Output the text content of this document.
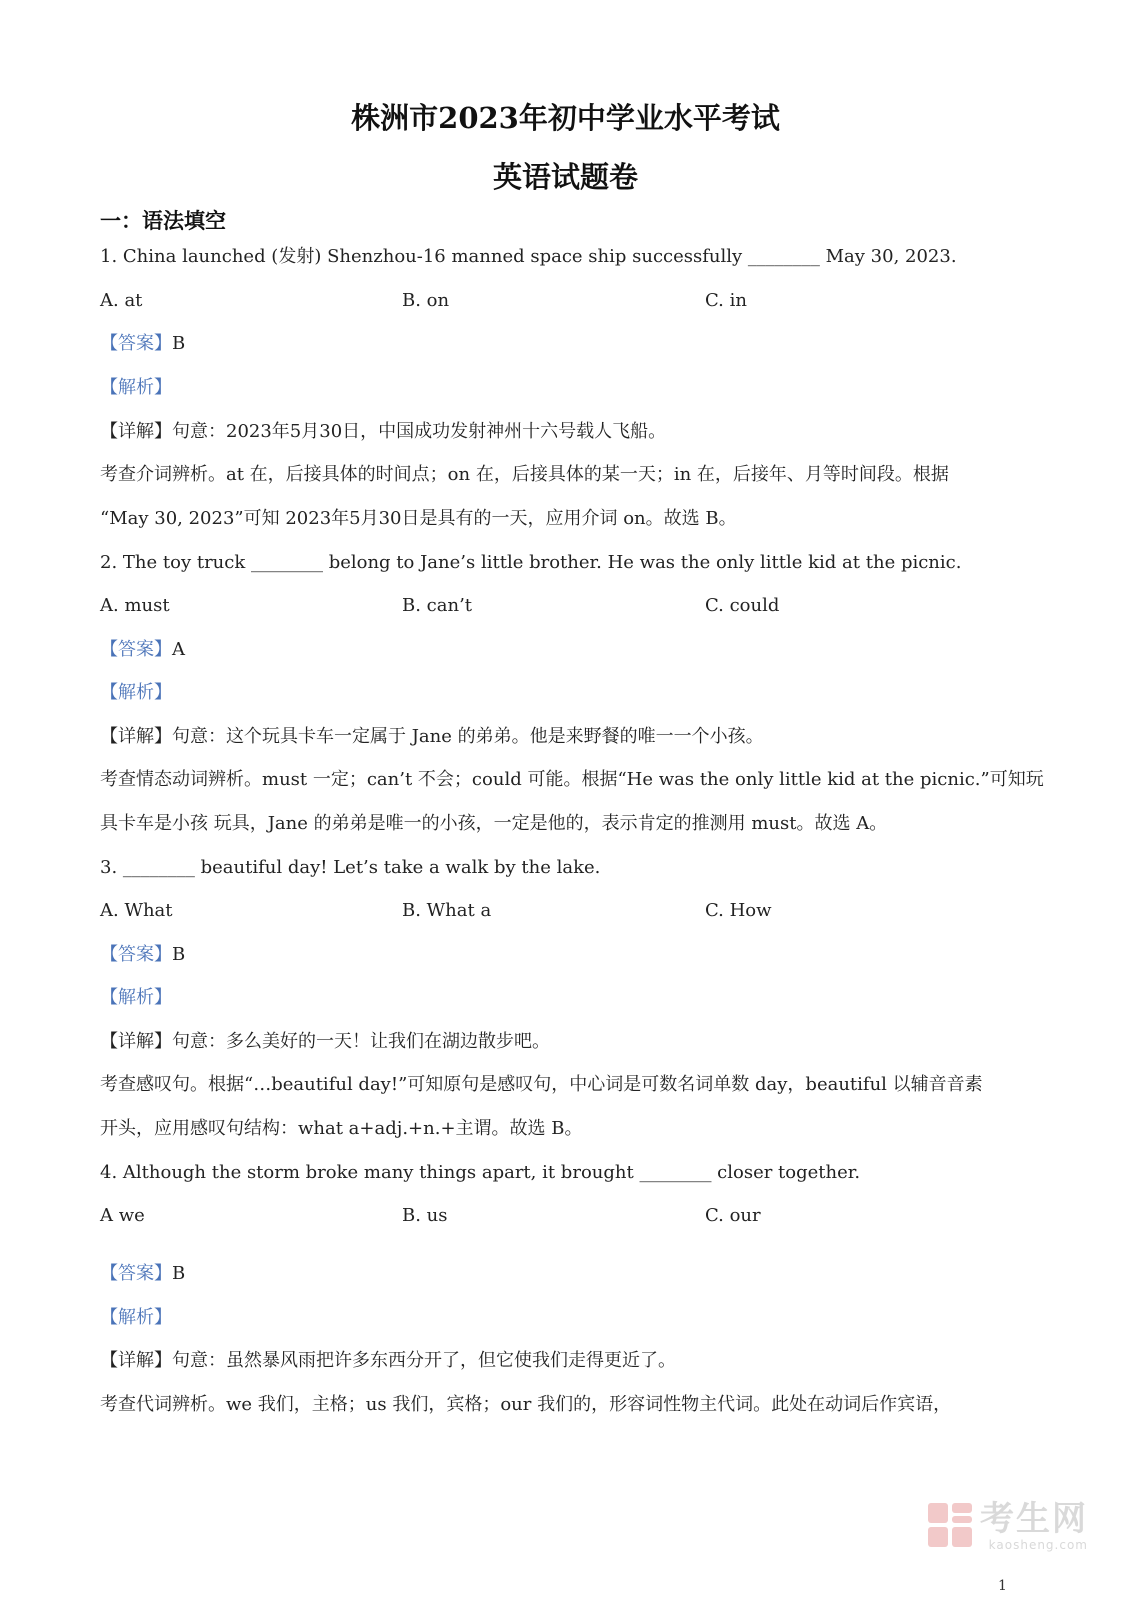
株洲市2023年初中学业水平考试
英语试题卷
一：语法填空
1. China launched (发射) Shenzhou-16 manned space ship successfully ________ May 30, 2023.
A. at	B. on	C. in
【答案】B
【解析】
【详解】句意：2023年5月30日，中国成功发射神州十六号载人飞船。
考查介词辨析。at 在，后接具体的时间点；on 在，后接具体的某一天；in 在，后接年、月等时间段。根据
“May 30, 2023”可知 2023年5月30日是具有的一天，应用介词 on。故选 B。
2. The toy truck ________ belong to Jane’s little brother. He was the only little kid at the picnic.
A. must	B. can’t	C. could
【答案】A
【解析】
【详解】句意：这个玩具卡车一定属于 Jane 的弟弟。他是来野餐的唯一一个小孩。
考查情态动词辨析。must 一定；can’t 不会；could 可能。根据“He was the only little kid at the picnic.”可知玩
具卡车是小孩 玩具，Jane 的弟弟是唯一的小孩，一定是他的，表示肯定的推测用 must。故选 A。
3. ________ beautiful day! Let’s take a walk by the lake.
A. What	B. What a	C. How
【答案】B
【解析】
【详解】句意：多么美好的一天！让我们在湖边散步吧。
考查感叹句。根据“…beautiful day!”可知原句是感叹句，中心词是可数名词单数 day，beautiful 以辅音音素
开头，应用感叹句结构：what a+adj.+n.+主谓。故选 B。
4. Although the storm broke many things apart, it brought ________ closer together.
A we	B. us	C. our
【答案】B
【解析】
【详解】句意：虽然暴风雨把许多东西分开了，但它使我们走得更近了。
考查代词辨析。we 我们，主格；us 我们，宾格；our 我们的，形容词性物主代词。此处在动词后作宾语，
考生网
kaosheng.com
1
